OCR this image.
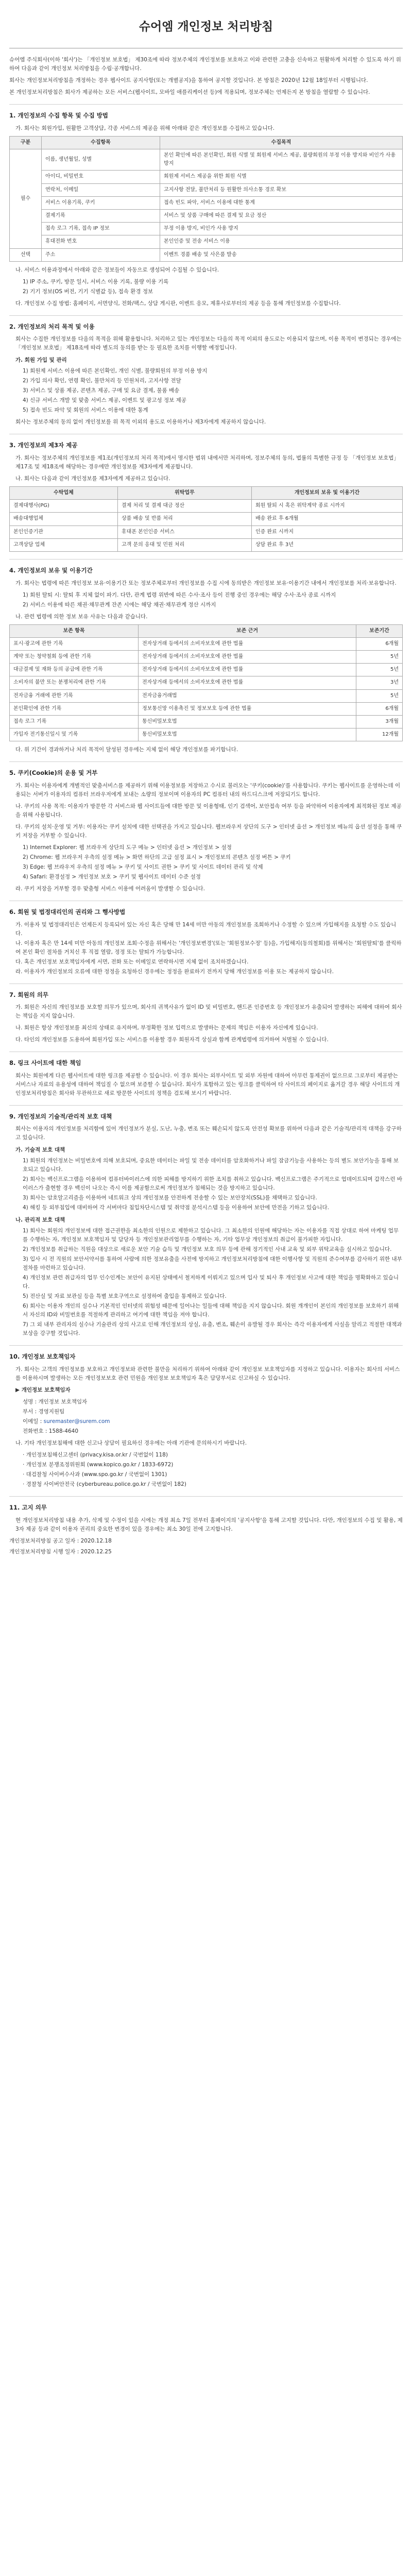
슈어엠 개인정보 처리방침

슈어엠 주식회사(이하 '회사')는 「개인정보 보호법」 제30조에 따라 정보주체의 개인정보를 보호하고 이와 관련한 고충을 신속하고 원활하게 처리할 수 있도록 하기 위하여 다음과 같이 개인정보 처리방침을 수립·공개합니다.

회사는 개인정보처리방침을 개정하는 경우 웹사이트 공지사항(또는 개별공지)을 통하여 공지할 것입니다. 본 방침은 2020년 12월 18일부터 시행됩니다.

본 개인정보처리방침은 회사가 제공하는 모든 서비스(웹사이트, 모바일 애플리케이션 등)에 적용되며, 정보주체는 언제든지 본 방침을 열람할 수 있습니다.

1. 개인정보의 수집 항목 및 수집 방법

가. 회사는 회원가입, 원활한 고객상담, 각종 서비스의 제공을 위해 아래와 같은 개인정보를 수집하고 있습니다.

구분	수집항목	수집목적
필수	이름, 생년월일, 성별	본인 확인에 따른 본인확인, 회원 식별 및 회원제 서비스 제공, 불량회원의 부정 이용 방지와 비인가 사용 방지
	아이디, 비밀번호	회원제 서비스 제공을 위한 회원 식별
	연락처, 이메일	고지사항 전달, 불만처리 등 원활한 의사소통 경로 확보
	서비스 이용기록, 쿠키	접속 빈도 파악, 서비스 이용에 대한 통계
	결제기록	서비스 및 상품 구매에 따른 결제 및 요금 정산
	접속 로그 기록, 접속 IP 정보	부정 이용 방지, 비인가 사용 방지
	휴대전화 번호	본인인증 및 전송 서비스 이용
선택	주소	이벤트 경품 배송 및 사은품 발송

나. 서비스 이용과정에서 아래와 같은 정보들이 자동으로 생성되어 수집될 수 있습니다.

1) IP 주소, 쿠키, 방문 일시, 서비스 이용 기록, 불량 이용 기록
2) 기기 정보(OS 버전, 기기 식별값 등), 접속 환경 정보

다. 개인정보 수집 방법: 홈페이지, 서면양식, 전화/팩스, 상담 게시판, 이벤트 응모, 제휴사로부터의 제공 등을 통해 개인정보를 수집합니다.

2. 개인정보의 처리 목적 및 이용

회사는 수집한 개인정보를 다음의 목적을 위해 활용합니다. 처리하고 있는 개인정보는 다음의 목적 이외의 용도로는 이용되지 않으며, 이용 목적이 변경되는 경우에는 「개인정보 보호법」 제18조에 따라 별도의 동의를 받는 등 필요한 조치를 이행할 예정입니다.

가. 회원 가입 및 관리
1) 회원제 서비스 이용에 따른 본인확인, 개인 식별, 불량회원의 부정 이용 방지
2) 가입 의사 확인, 연령 확인, 불만처리 등 민원처리, 고지사항 전달
3) 서비스 및 상품 제공, 콘텐츠 제공, 구매 및 요금 결제, 물품 배송
4) 신규 서비스 개발 및 맞춤 서비스 제공, 이벤트 및 광고성 정보 제공
5) 접속 빈도 파악 및 회원의 서비스 이용에 대한 통계

회사는 정보주체의 동의 없이 개인정보를 위 목적 이외의 용도로 이용하거나 제3자에게 제공하지 않습니다.

3. 개인정보의 제3자 제공

가. 회사는 정보주체의 개인정보를 제1조(개인정보의 처리 목적)에서 명시한 범위 내에서만 처리하며, 정보주체의 동의, 법률의 특별한 규정 등 「개인정보 보호법」 제17조 및 제18조에 해당하는 경우에만 개인정보를 제3자에게 제공합니다.

나. 회사는 다음과 같이 개인정보를 제3자에게 제공하고 있습니다.

수탁업체	위탁업무	개인정보의 보유 및 이용기간
결제대행사(PG)	결제 처리 및 결제 대금 정산	회원 탈퇴 시 혹은 위탁계약 종료 시까지
배송대행업체	상품 배송 및 반품 처리	배송 완료 후 6개월
본인인증기관	휴대폰 본인인증 서비스	인증 완료 시까지
고객상담 업체	고객 문의 응대 및 민원 처리	상담 완료 후 3년
4. 개인정보의 보유 및 이용기간

가. 회사는 법령에 따른 개인정보 보유·이용기간 또는 정보주체로부터 개인정보를 수집 시에 동의받은 개인정보 보유·이용기간 내에서 개인정보를 처리·보유합니다.

1) 회원 탈퇴 시: 탈퇴 후 지체 없이 파기. 다만, 관계 법령 위반에 따른 수사·조사 등이 진행 중인 경우에는 해당 수사·조사 종료 시까지
2) 서비스 이용에 따른 채권·채무관계 잔존 시에는 해당 채권·채무관계 정산 시까지

나. 관련 법령에 의한 정보 보유 사유는 다음과 같습니다.

보존 항목	보존 근거	보존기간
표시·광고에 관한 기록	전자상거래 등에서의 소비자보호에 관한 법률	6개월
계약 또는 청약철회 등에 관한 기록	전자상거래 등에서의 소비자보호에 관한 법률	5년
대금결제 및 재화 등의 공급에 관한 기록	전자상거래 등에서의 소비자보호에 관한 법률	5년
소비자의 불만 또는 분쟁처리에 관한 기록	전자상거래 등에서의 소비자보호에 관한 법률	3년
전자금융 거래에 관한 기록	전자금융거래법	5년
본인확인에 관한 기록	정보통신망 이용촉진 및 정보보호 등에 관한 법률	6개월
접속 로그 기록	통신비밀보호법	3개월
가입자 전기통신일시 및 기록	통신비밀보호법	12개월

다. 위 기간이 경과하거나 처리 목적이 달성된 경우에는 지체 없이 해당 개인정보를 파기합니다.

5. 쿠키(Cookie)의 운용 및 거부

가. 회사는 이용자에게 개별적인 맞춤서비스를 제공하기 위해 이용정보를 저장하고 수시로 불러오는 '쿠키(cookie)'를 사용합니다. 쿠키는 웹사이트를 운영하는데 이용되는 서버가 이용자의 컴퓨터 브라우저에게 보내는 소량의 정보이며 이용자의 PC 컴퓨터 내의 하드디스크에 저장되기도 합니다.

나. 쿠키의 사용 목적: 이용자가 방문한 각 서비스와 웹 사이트들에 대한 방문 및 이용형태, 인기 검색어, 보안접속 여부 등을 파악하여 이용자에게 최적화된 정보 제공을 위해 사용됩니다.

다. 쿠키의 설치·운영 및 거부: 이용자는 쿠키 설치에 대한 선택권을 가지고 있습니다. 웹브라우저 상단의 도구 > 인터넷 옵션 > 개인정보 메뉴의 옵션 설정을 통해 쿠키 저장을 거부할 수 있습니다.

1) Internet Explorer: 웹 브라우저 상단의 도구 메뉴 > 인터넷 옵션 > 개인정보 > 설정
2) Chrome: 웹 브라우저 우측의 설정 메뉴 > 화면 하단의 고급 설정 표시 > 개인정보의 콘텐츠 설정 버튼 > 쿠키
3) Edge: 웹 브라우저 우측의 설정 메뉴 > 쿠키 및 사이트 권한 > 쿠키 및 사이트 데이터 관리 및 삭제
4) Safari: 환경설정 > 개인정보 보호 > 쿠키 및 웹사이트 데이터 수준 설정

라. 쿠키 저장을 거부할 경우 맞춤형 서비스 이용에 어려움이 발생할 수 있습니다.

6. 회원 및 법정대리인의 권리와 그 행사방법
가. 이용자 및 법정대리인은 언제든지 등록되어 있는 자신 혹은 당해 만 14세 미만 아동의 개인정보를 조회하거나 수정할 수 있으며 가입해지를 요청할 수도 있습니다.
나. 이용자 혹은 만 14세 미만 아동의 개인정보 조회·수정을 위해서는 '개인정보변경'(또는 '회원정보수정' 등)을, 가입해지(동의철회)를 위해서는 '회원탈퇴'를 클릭하여 본인 확인 절차를 거치신 후 직접 열람, 정정 또는 탈퇴가 가능합니다.
다. 혹은 개인정보 보호책임자에게 서면, 전화 또는 이메일로 연락하시면 지체 없이 조치하겠습니다.
라. 이용자가 개인정보의 오류에 대한 정정을 요청하신 경우에는 정정을 완료하기 전까지 당해 개인정보를 이용 또는 제공하지 않습니다.
7. 회원의 의무

가. 회원은 자신의 개인정보를 보호할 의무가 있으며, 회사의 귀책사유가 없이 ID 및 비밀번호, 핸드폰 인증번호 등 개인정보가 유출되어 발생하는 피해에 대하여 회사는 책임을 지지 않습니다.

나. 회원은 항상 개인정보를 최신의 상태로 유지하며, 부정확한 정보 입력으로 발생하는 문제의 책임은 이용자 자신에게 있습니다.

다. 타인의 개인정보를 도용하여 회원가입 또는 서비스를 이용할 경우 회원자격 상실과 함께 관계법령에 의거하여 처벌될 수 있습니다.

8. 링크 사이트에 대한 책임

회사는 회원에게 다른 웹사이트에 대한 링크를 제공할 수 있습니다. 이 경우 회사는 외부사이트 및 외부 자원에 대하여 아무런 통제권이 없으므로 그로부터 제공받는 서비스나 자료의 유용성에 대하여 책임질 수 없으며 보증할 수 없습니다. 회사가 포함하고 있는 링크를 클릭하여 타 사이트의 페이지로 옮겨갈 경우 해당 사이트의 개인정보처리방침은 회사와 무관하므로 새로 방문한 사이트의 정책을 검토해 보시기 바랍니다.

9. 개인정보의 기술적/관리적 보호 대책

회사는 이용자의 개인정보를 처리함에 있어 개인정보가 분실, 도난, 누출, 변조 또는 훼손되지 않도록 안전성 확보를 위하여 다음과 같은 기술적/관리적 대책을 강구하고 있습니다.

가. 기술적 보호 대책
1) 회원의 개인정보는 비밀번호에 의해 보호되며, 중요한 데이터는 파일 및 전송 데이터를 암호화하거나 파일 잠금기능을 사용하는 등의 별도 보안기능을 통해 보호되고 있습니다.
2) 회사는 백신프로그램을 이용하여 컴퓨터바이러스에 의한 피해를 방지하기 위한 조치를 취하고 있습니다. 백신프로그램은 주기적으로 업데이트되며 갑작스런 바이러스가 출현할 경우 백신이 나오는 즉시 이를 제공함으로써 개인정보가 침해되는 것을 방지하고 있습니다.
3) 회사는 암호알고리즘을 이용하여 네트워크 상의 개인정보를 안전하게 전송할 수 있는 보안장치(SSL)를 채택하고 있습니다.
4) 해킹 등 외부침입에 대비하여 각 서버마다 침입차단시스템 및 취약점 분석시스템 등을 이용하여 보안에 만전을 기하고 있습니다.
나. 관리적 보호 대책
1) 회사는 회원의 개인정보에 대한 접근권한을 최소한의 인원으로 제한하고 있습니다. 그 최소한의 인원에 해당하는 자는 이용자를 직접 상대로 하여 마케팅 업무를 수행하는 자, 개인정보 보호책임자 및 담당자 등 개인정보관리업무를 수행하는 자, 기타 업무상 개인정보의 취급이 불가피한 자입니다.
2) 개인정보를 취급하는 직원을 대상으로 새로운 보안 기술 습득 및 개인정보 보호 의무 등에 관해 정기적인 사내 교육 및 외부 위탁교육을 실시하고 있습니다.
3) 입사 시 전 직원의 보안서약서를 통하여 사람에 의한 정보유출을 사전에 방지하고 개인정보처리방침에 대한 이행사항 및 직원의 준수여부를 감사하기 위한 내부절차를 마련하고 있습니다.
4) 개인정보 관련 취급자의 업무 인수인계는 보안이 유지된 상태에서 철저하게 이뤄지고 있으며 입사 및 퇴사 후 개인정보 사고에 대한 책임을 명확화하고 있습니다.
5) 전산실 및 자료 보관실 등을 특별 보호구역으로 설정하여 출입을 통제하고 있습니다.
6) 회사는 이용자 개인의 실수나 기본적인 인터넷의 위험성 때문에 일어나는 일들에 대해 책임을 지지 않습니다. 회원 개개인이 본인의 개인정보를 보호하기 위해서 자신의 ID와 비밀번호를 적절하게 관리하고 여기에 대한 책임을 져야 합니다.
7) 그 외 내부 관리자의 실수나 기술관리 상의 사고로 인해 개인정보의 상실, 유출, 변조, 훼손이 유발될 경우 회사는 즉각 이용자에게 사실을 알리고 적절한 대책과 보상을 강구할 것입니다.
10. 개인정보 보호책임자

가. 회사는 고객의 개인정보를 보호하고 개인정보와 관련한 불만을 처리하기 위하여 아래와 같이 개인정보 보호책임자를 지정하고 있습니다. 이용자는 회사의 서비스를 이용하시며 발생하는 모든 개인정보보호 관련 민원을 개인정보 보호책임자 혹은 담당부서로 신고하실 수 있습니다.

▶ 개인정보 보호책임자

성명 : 개인정보 보호책임자
부서 : 경영지원팀
이메일 : suremaster@surem.com
전화번호 : 1588-4640

나. 기타 개인정보침해에 대한 신고나 상담이 필요하신 경우에는 아래 기관에 문의하시기 바랍니다.

· 개인정보침해신고센터 (privacy.kisa.or.kr / 국번없이 118)
· 개인정보 분쟁조정위원회 (www.kopico.go.kr / 1833-6972)
· 대검찰청 사이버수사과 (www.spo.go.kr / 국번없이 1301)
· 경찰청 사이버안전국 (cyberbureau.police.go.kr / 국번없이 182)
11. 고지 의무

현 개인정보처리방침 내용 추가, 삭제 및 수정이 있을 시에는 개정 최소 7일 전부터 홈페이지의 '공지사항'을 통해 고지할 것입니다. 다만, 개인정보의 수집 및 활용, 제3자 제공 등과 같이 이용자 권리의 중요한 변경이 있을 경우에는 최소 30일 전에 고지합니다.

개인정보처리방침 공고 일자 : 2020.12.18

개인정보처리방침 시행 일자 : 2020.12.25
